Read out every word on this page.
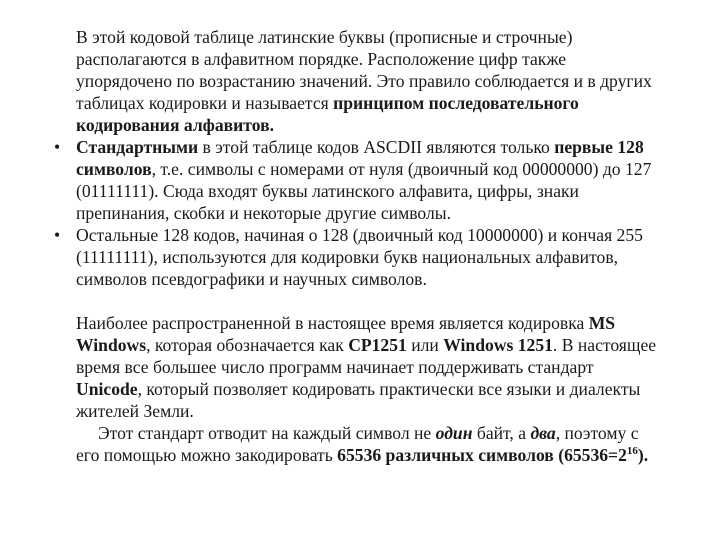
В этой кодовой таблице латинские буквы (прописные и строчные) располагаются в алфавитном порядке. Расположение цифр также упорядочено по возрастанию значений. Это правило соблюдается и в других таблицах кодировки и называется принципом последовательного кодирования алфавитов.

• Стандартными в этой таблице кодов ASCDII являются только первые 128 символов, т.е. символы с номерами от нуля (двоичный код 00000000) до 127 (01111111). Сюда входят буквы латинского алфавита, цифры, знаки препинания, скобки и некоторые другие символы.
• Остальные 128 кодов, начиная о 128 (двоичный код 10000000) и кончая 255 (11111111), используются для кодировки букв национальных алфавитов, символов псевдографики и научных символов.

Наиболее распространенной в настоящее время является кодировка MS Windows, которая обозначается как CP1251 или Windows 1251. В настоящее время все большее число программ начинает поддерживать стандарт Unicode, который позволяет кодировать практически все языки и диалекты жителей Земли.

Этот стандарт отводит на каждый символ не один байт, а два, поэтому с его помощью можно закодировать 65536 различных символов $(65536=2^{16})$.
